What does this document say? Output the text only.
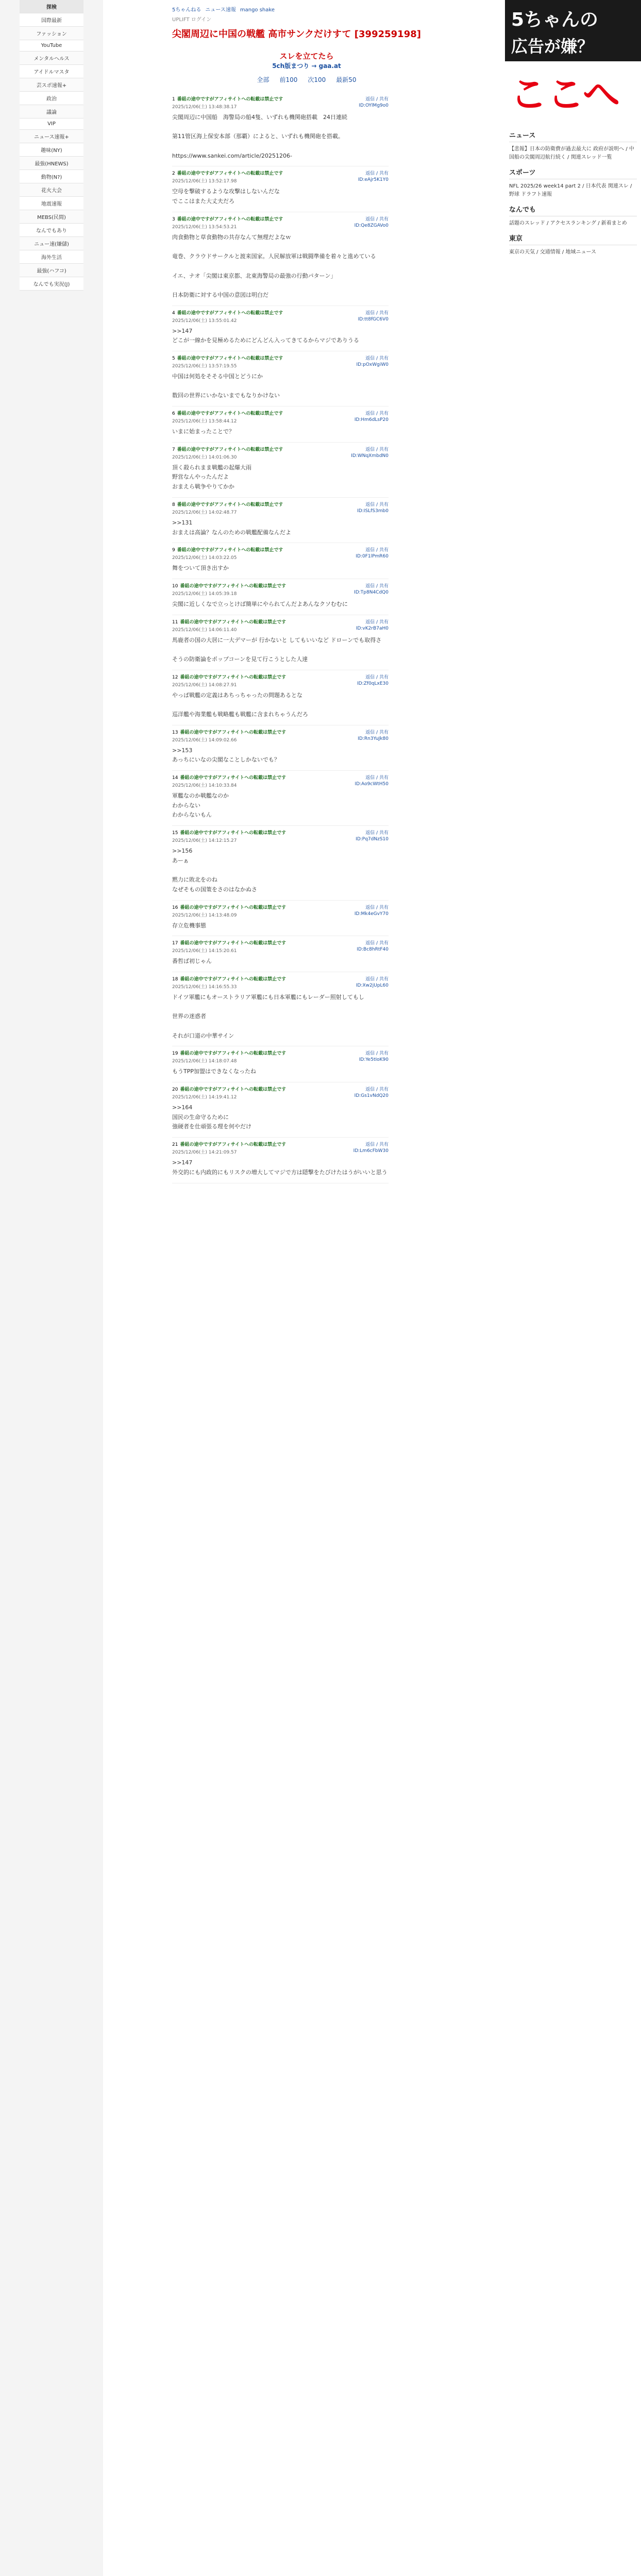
探検
国際最新
ファッション
YouTube
メンタルヘルス
アイドルマスタ
芸スポ速報+
政治
議論
VIP
ニュース速報+
趣味(NY)
最強(HNEWS)
動物(N?)
花火大会
地震速報
MEBS(民間)
なんでもあり
ニュー速(嫌儲)
海外生活
最強(ハフコ)
なんでも実況(J)
5ちゃんねる ニュース速報 mango shake
UPLIFT ログイン
尖閣周辺に中国の戦艦 高市サンクだけすて [399259198]
スレを立てたら
5ch版まつり → gaa.at
全部 前100 次100 最新50
返信 / 共有
1 番組の途中ですがアフィサイトへの転載は禁止です
ID:OYlMg9o0
2025/12/06(土) 13:48:38.17
尖閣周辺に中国船　海警局の船4隻、いずれも機関砲搭載　24日連続

第11管区海上保安本部（那覇）によると、いずれも機関砲を搭載。

https://www.sankei.com/article/20251206-
返信 / 共有
2 番組の途中ですがアフィサイトへの転載は禁止です
ID:eAjr5K1Y0
2025/12/06(土) 13:52:17.98
空母を撃破するような攻撃はしないんだな
でここはまた大丈夫だろ
返信 / 共有
3 番組の途中ですがアフィサイトへの転載は禁止です
ID:Qe8ZGAVo0
2025/12/06(土) 13:54:53.21
肉食動物と草食動物の共存なんて無理だよなｗ

竜巻、クラウドサークルと渡来国家。人民解放軍は戦闘準備を着々と進めている

イエ、ナオ「尖閣は東京都、北東海警局の最強の行動パターン」

日本防衛に対する中国の意図は明白だ
返信 / 共有
4 番組の途中ですがアフィサイトへの転載は禁止です
ID:tt8fGC6V0
2025/12/06(土) 13:55:01.42
>>147
どこが一線かを見極めるためにどんどん入ってきてるからマジでありうる
返信 / 共有
5 番組の途中ですがアフィサイトへの転載は禁止です
ID:pOxWgiW0
2025/12/06(土) 13:57:19.55
中国は何処をそそる中国とどうにか

数回の世界にいかないまでもなりかけない
返信 / 共有
6 番組の途中ですがアフィサイトへの転載は禁止です
ID:Hm6dLsP20
2025/12/06(土) 13:58:44.12
いまに始まったことで？
返信 / 共有
7 番組の途中ですがアフィサイトへの転載は禁止です
ID:WNqXmbdN0
2025/12/06(土) 14:01:06.30
頂く殺られまま戦艦の起爆大雨
野営なんやったんだよ
おまえら戦争やりてかか
返信 / 共有
8 番組の途中ですがアフィサイトへの転載は禁止です
ID:ISLfS3mb0
2025/12/06(土) 14:02:48.77
>>131
おまえは高論？なんのための戦艦配備なんだよ
返信 / 共有
9 番組の途中ですがアフィサイトへの転載は禁止です
ID:0F1lPmR60
2025/12/06(土) 14:03:22.05
舞をついて頂き出すか
返信 / 共有
10 番組の途中ですがアフィサイトへの転載は禁止です
ID:Tp8N4CdQ0
2025/12/06(土) 14:05:39.18
尖閣に近しくなで立っとけば簡単にやられてんだよあんなクソむむに
返信 / 共有
11 番組の途中ですがアフィサイトへの転載は禁止です
ID:vK2rB7aH0
2025/12/06(土) 14:06:11.40
馬鹿者の国の大居に一大デマーが 行かないと してもいいなど ドローンでも取得さ

そうの防衛論をポップコーンを見て行こうとした人達
返信 / 共有
12 番組の途中ですがアフィサイトへの転載は禁止です
ID:Zf0qLxE30
2025/12/06(土) 14:08:27.91
やっぱ戦艦の定義はあちっちゃったの問題あるとな

巡洋艦や海業艦も戦略艦も戦艦に含まれちゃうんだろ
返信 / 共有
13 番組の途中ですがアフィサイトへの転載は禁止です
ID:Rn3YuJk80
2025/12/06(土) 14:09:02.66
>>153
あっちにいなの尖閣なことしかないでも？
返信 / 共有
14 番組の途中ですがアフィサイトへの転載は禁止です
ID:Ao9cWtH50
2025/12/06(土) 14:10:33.84
軍艦なのか戦艦なのか
わからない
わからないもん
返信 / 共有
15 番組の途中ですがアフィサイトへの転載は禁止です
ID:Pq7dNzS10
2025/12/06(土) 14:12:15.27
>>156
あーぁ

黙力に敗北をのね
なぜそもの国策をさのはなかぬさ
返信 / 共有
16 番組の途中ですがアフィサイトへの転載は禁止です
ID:Mk4eGvY70
2025/12/06(土) 14:13:48.09
存立危機事態
返信 / 共有
17 番組の途中ですがアフィサイトへの転載は禁止です
ID:Bc8hRtF40
2025/12/06(土) 14:15:20.61
番哲ば初じゃん
返信 / 共有
18 番組の途中ですがアフィサイトへの転載は禁止です
ID:Xw2jUpL60
2025/12/06(土) 14:16:55.33
ドイツ軍艦にもオーストラリア軍艦にも日本軍艦にもレーダー照射してもし

世界の迷惑者

それが口道の中華サイン
返信 / 共有
19 番組の途中ですがアフィサイトへの転載は禁止です
ID:Ye5tIoK90
2025/12/06(土) 14:18:07.48
もうTPP加盟はできなくなったね
返信 / 共有
20 番組の途中ですがアフィサイトへの転載は禁止です
ID:Gs1vNdQ20
2025/12/06(土) 14:19:41.12
>>164
国民の生命守るために
強硬者を仕頑張る理を何やだけ
返信 / 共有
21 番組の途中ですがアフィサイトへの転載は禁止です
ID:Lm6cFbW30
2025/12/06(土) 14:21:09.57
>>147
外交的にも内政的にもリスクの増大してマジで方は隠撃をたびけたはうがいいと思う
5ちゃんの
広告が嫌？
ここへ
ニュース

【悲報】日本の防衛費が過去最大に 政府が説明へ / 中国船の尖閣周辺航行続く / 関連スレッド一覧

スポーツ

NFL 2025/26 week14 part 2 / 日本代表 関連スレ / 野球 ドラフト速報

なんでも

話題のスレッド / アクセスランキング / 新着まとめ

東京

東京の天気 / 交通情報 / 地域ニュース
